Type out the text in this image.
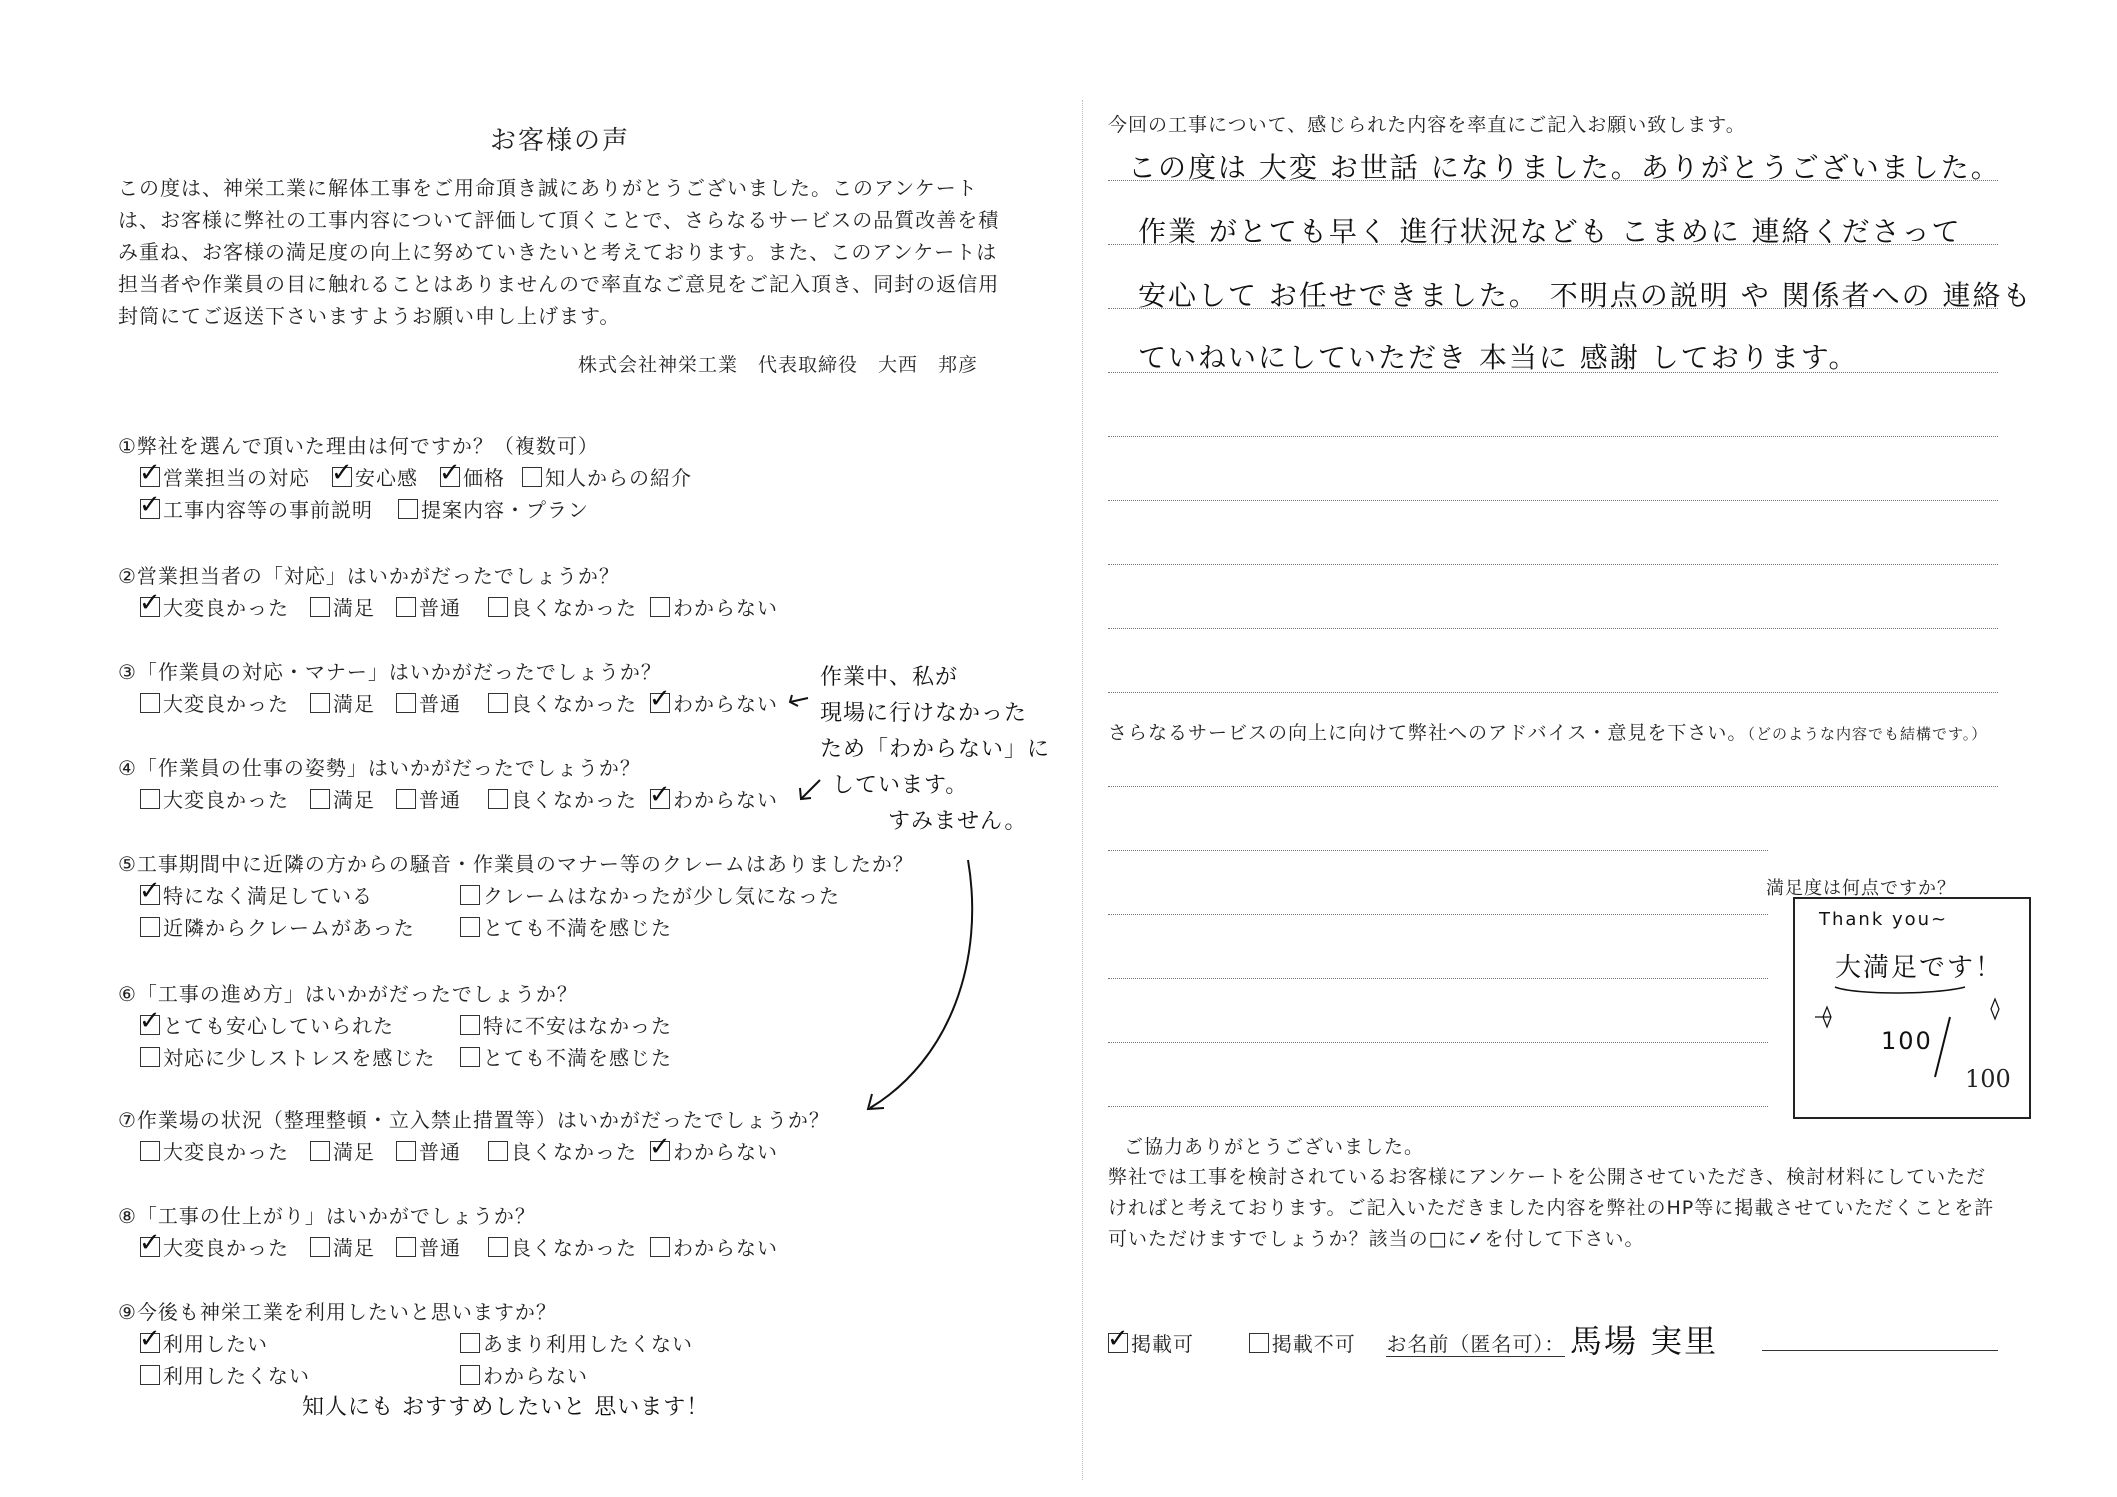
お客様の声
この度は、神栄工業に解体工事をご用命頂き誠にありがとうございました。このアンケートは、お客様に弊社の工事内容について評価して頂くことで、さらなるサービスの品質改善を積み重ね、お客様の満足度の向上に努めていきたいと考えております。また、このアンケートは担当者や作業員の目に触れることはありませんので率直なご意見をご記入頂き、同封の返信用封筒にてご返送下さいますようお願い申し上げます。
株式会社神栄工業　代表取締役　大西　邦彦
①弊社を選んで頂いた理由は何ですか？（複数可）
✓営業担当の対応 ✓	安心感 ✓	価格	知人からの紹介
✓工事内容等の事前説明	提案内容・プラン
②営業担当者の「対応」はいかがだったでしょうか？
✓大変良かった	満足	普通	良くなかった	わからない
③「作業員の対応・マナー」はいかがだったでしょうか？
大変良かった	満足	普通	良くなかった ✓	わからない
④「作業員の仕事の姿勢」はいかがだったでしょうか？
大変良かった	満足	普通	良くなかった ✓	わからない
⑤工事期間中に近隣の方からの騒音・作業員のマナー等のクレームはありましたか？
✓特になく満足している	クレームはなかったが少し気になった
近隣からクレームがあった	とても不満を感じた
⑥「工事の進め方」はいかがだったでしょうか？
✓とても安心していられた	特に不安はなかった
対応に少しストレスを感じた	とても不満を感じた
⑦作業場の状況（整理整頓・立入禁止措置等）はいかがだったでしょうか？
大変良かった	満足	普通	良くなかった ✓	わからない
⑧「工事の仕上がり」はいかがでしょうか？
✓大変良かった	満足	普通	良くなかった	わからない
⑨今後も神栄工業を利用したいと思いますか？
✓利用したい	あまり利用したくない
利用したくない	わからない
作業中、私が
現場に行けなかった
ため「わからない」に
しています。
すみません。
知人にも おすすめしたいと 思います！
今回の工事について、感じられた内容を率直にご記入お願い致します。
この度は 大変 お世話 になりました。ありがとうございました。
作業 がとても早く 進行状況なども こまめに 連絡くださって
安心して お任せできました。 不明点の説明 や 関係者への 連絡も
ていねいにしていただき 本当に 感謝 しております。
さらなるサービスの向上に向けて弊社へのアドバイス・意見を下さい。（どのような内容でも結構です。）
満足度は何点ですか？
Thank you~
大満足です！
100
100
ご協力ありがとうございました。
弊社では工事を検討されているお客様にアンケートを公開させていただき、検討材料にしていただければと考えております。ご記入いただきました内容を弊社のHP等に掲載させていただくことを許可いただけますでしょうか？該当の□に✓を付して下さい。
✓掲載可	掲載不可 お名前（匿名可）： 馬場 実里
